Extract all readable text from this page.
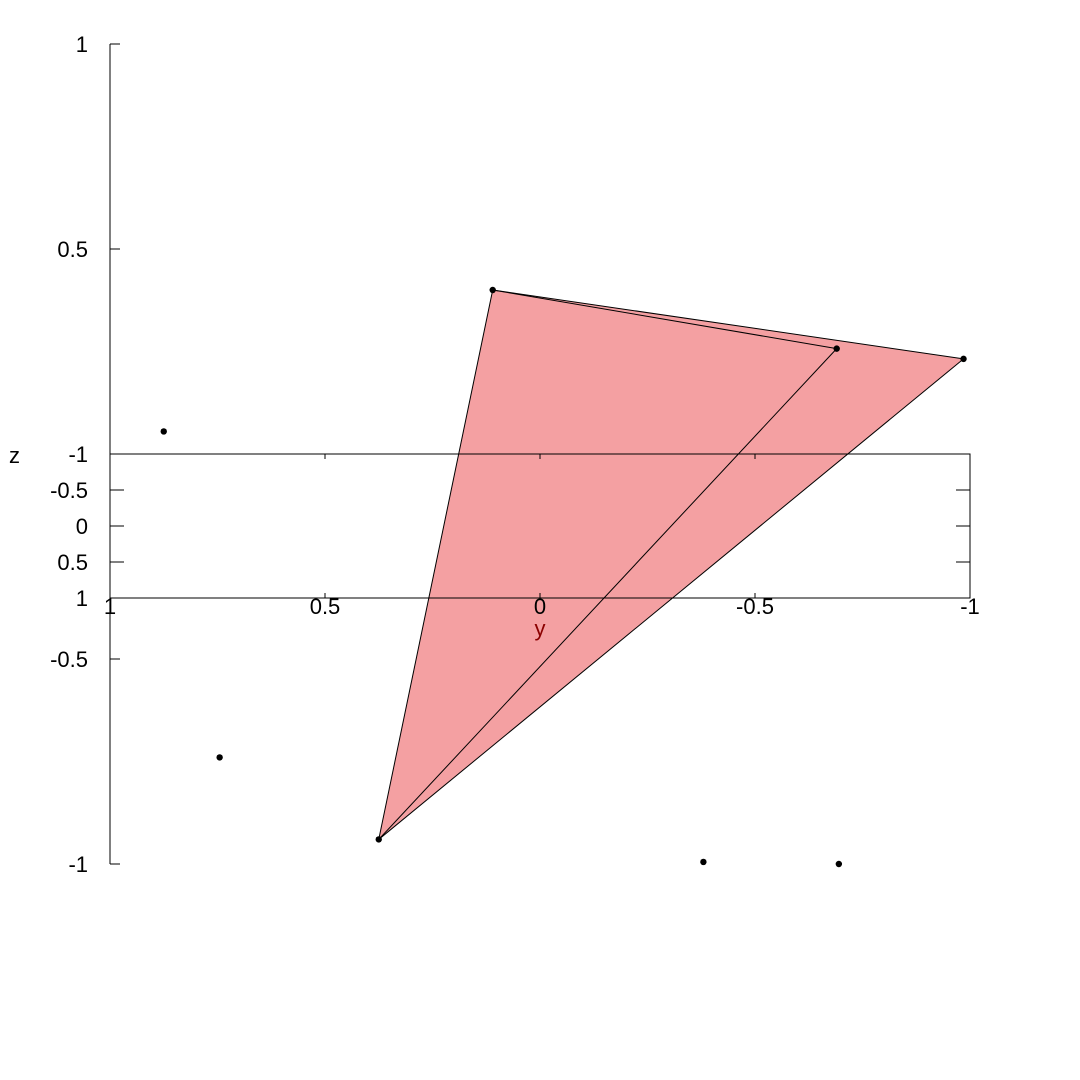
1
0.5
-0.5
-1
-1
-0.5
0
0.5
1 1	0.5	0	-0.5	-1
z
y
